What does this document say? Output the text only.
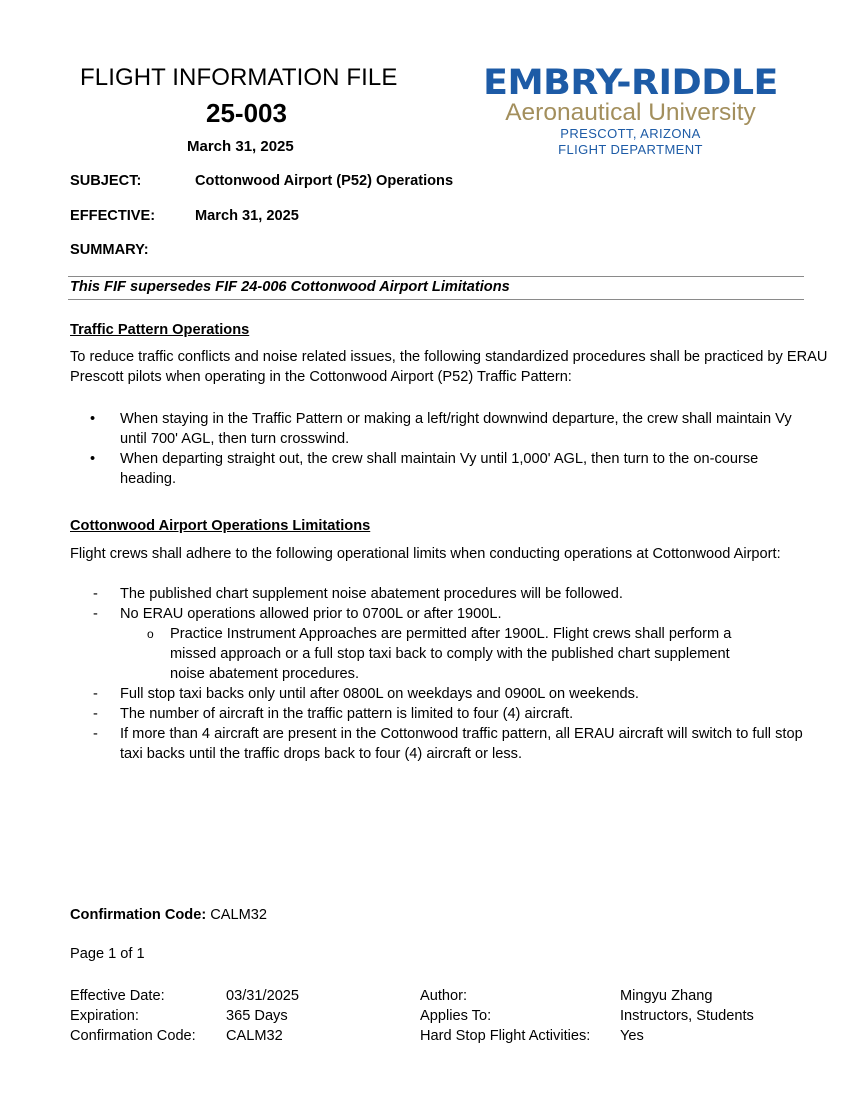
FLIGHT INFORMATION FILE
25-003
March 31, 2025
EMBRY-RIDDLE
Aeronautical University
PRESCOTT, ARIZONA
FLIGHT DEPARTMENT
SUBJECT:	Cottonwood Airport (P52) Operations
EFFECTIVE:	March 31, 2025
SUMMARY:
This FIF supersedes FIF 24-006 Cottonwood Airport Limitations
Traffic Pattern Operations
To reduce traffic conflicts and noise related issues, the following standardized procedures shall be practiced by ERAU Prescott pilots when operating in the Cottonwood Airport (P52) Traffic Pattern:
•	When staying in the Traffic Pattern or making a left/right downwind departure, the crew shall maintain Vy until 700' AGL, then turn crosswind.
•	When departing straight out, the crew shall maintain Vy until 1,000' AGL, then turn to the on-course heading.
Cottonwood Airport Operations Limitations
Flight crews shall adhere to the following operational limits when conducting operations at Cottonwood Airport:
- The published chart supplement noise abatement procedures will be followed.
- No ERAU operations allowed prior to 0700L or after 1900L.
o Practice Instrument Approaches are permitted after 1900L. Flight crews shall perform a missed approach or a full stop taxi back to comply with the published chart supplement noise abatement procedures.
- Full stop taxi backs only until after 0800L on weekdays and 0900L on weekends.
- The number of aircraft in the traffic pattern is limited to four (4) aircraft.
- If more than 4 aircraft are present in the Cottonwood traffic pattern, all ERAU aircraft will switch to full stop taxi backs until the traffic drops back to four (4) aircraft or less.
Confirmation Code: CALM32
Page 1 of 1
Effective Date:	03/31/2025	Author:	Mingyu Zhang
Expiration:	365 Days	Applies To:	Instructors, Students
Confirmation Code: CALM32	Hard Stop Flight Activities: Yes
